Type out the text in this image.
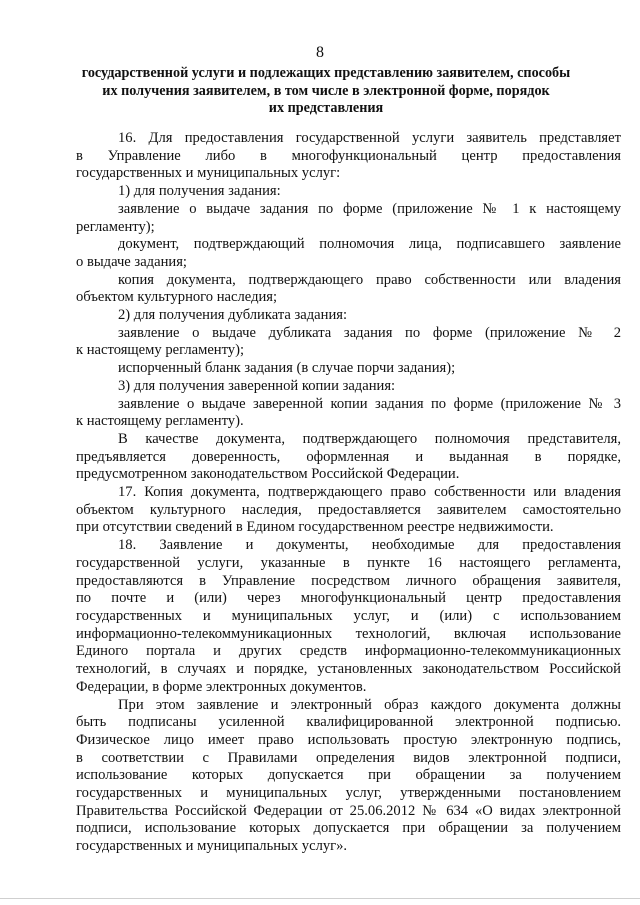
8
государственной услуги и подлежащих представлению заявителем, способы
их получения заявителем, в том числе в электронной форме, порядок
их представления
16. Для предоставления государственной услуги заявитель представляет
в Управление либо в многофункциональный центр предоставления
государственных и муниципальных услуг:
1) для получения задания:
заявление о выдаче задания по форме (приложение № 1 к настоящему
регламенту);
документ, подтверждающий полномочия лица, подписавшего заявление
о выдаче задания;
копия документа, подтверждающего право собственности или владения
объектом культурного наследия;
2) для получения дубликата задания:
заявление о выдаче дубликата задания по форме (приложение № 2
к настоящему регламенту);
испорченный бланк задания (в случае порчи задания);
3) для получения заверенной копии задания:
заявление о выдаче заверенной копии задания по форме (приложение № 3
к настоящему регламенту).
В качестве документа, подтверждающего полномочия представителя,
предъявляется доверенность, оформленная и выданная в порядке,
предусмотренном законодательством Российской Федерации.
17. Копия документа, подтверждающего право собственности или владения
объектом культурного наследия, предоставляется заявителем самостоятельно
при отсутствии сведений в Едином государственном реестре недвижимости.
18. Заявление и документы, необходимые для предоставления
государственной услуги, указанные в пункте 16 настоящего регламента,
предоставляются в Управление посредством личного обращения заявителя,
по почте и (или) через многофункциональный центр предоставления
государственных и муниципальных услуг, и (или) с использованием
информационно-телекоммуникационных технологий, включая использование
Единого портала и других средств информационно-телекоммуникационных
технологий, в случаях и порядке, установленных законодательством Российской
Федерации, в форме электронных документов.
При этом заявление и электронный образ каждого документа должны
быть подписаны усиленной квалифицированной электронной подписью.
Физическое лицо имеет право использовать простую электронную подпись,
в соответствии с Правилами определения видов электронной подписи,
использование которых допускается при обращении за получением
государственных и муниципальных услуг, утвержденными постановлением
Правительства Российской Федерации от 25.06.2012 № 634 «О видах электронной
подписи, использование которых допускается при обращении за получением
государственных и муниципальных услуг».
